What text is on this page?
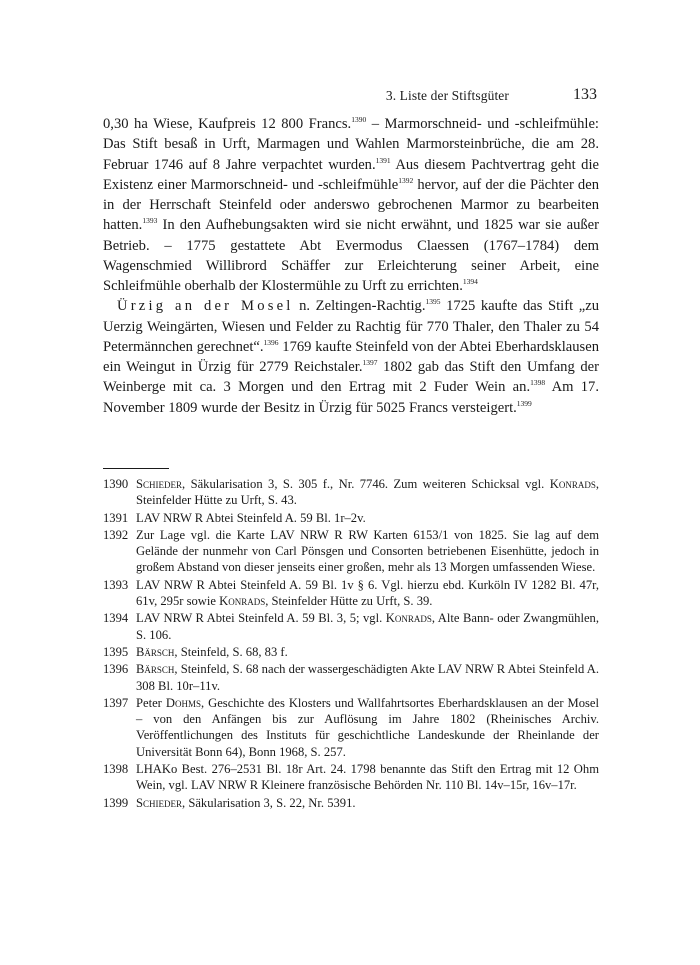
3. Liste der Stiftsgüter	133

0,30 ha Wiese, Kaufpreis 12 800 Francs.$^{1390}$ – Marmorschneid- und -schleifmühle: Das Stift besaß in Urft, Marmagen und Wahlen Marmorsteinbrüche, die am 28. Februar 1746 auf 8 Jahre verpachtet wurden.$^{1391}$ Aus diesem Pachtvertrag geht die Existenz einer Marmorschneid- und -schleifmühle$^{1392}$ hervor, auf der die Pächter den in der Herrschaft Steinfeld oder anderswo gebrochenen Marmor zu bearbeiten hatten.$^{1393}$ In den Aufhebungsakten wird sie nicht erwähnt, und 1825 war sie außer Betrieb. – 1775 gestattete Abt Evermodus Claessen (1767–1784) dem Wagenschmied Willibrord Schäffer zur Erleichterung seiner Arbeit, eine Schleifmühle oberhalb der Klostermühle zu Urft zu errichten.$^{1394}$

Ürzig an der Mosel n. Zeltingen-Rachtig.$^{1395}$ 1725 kaufte das Stift „zu Uerzig Weingärten, Wiesen und Felder zu Rachtig für 770 Thaler, den Thaler zu 54 Petermännchen gerechnet“.$^{1396}$ 1769 kaufte Steinfeld von der Abtei Eberhardsklausen ein Weingut in Ürzig für 2779 Reichstaler.$^{1397}$ 1802 gab das Stift den Umfang der Weinberge mit ca. 3 Morgen und den Ertrag mit 2 Fuder Wein an.$^{1398}$ Am 17. November 1809 wurde der Besitz in Ürzig für 5025 Francs versteigert.$^{1399}$

1390 Schieder, Säkularisation 3, S. 305 f., Nr. 7746. Zum weiteren Schicksal vgl. Konrads, Steinfelder Hütte zu Urft, S. 43.
1391 LAV NRW R Abtei Steinfeld A. 59 Bl. 1r–2v.
1392 Zur Lage vgl. die Karte LAV NRW R RW Karten 6153/1 von 1825. Sie lag auf dem Gelände der nunmehr von Carl Pönsgen und Consorten betriebenen Eisenhütte, jedoch in großem Abstand von dieser jenseits einer großen, mehr als 13 Morgen umfassenden Wiese.
1393 LAV NRW R Abtei Steinfeld A. 59 Bl. 1v § 6. Vgl. hierzu ebd. Kurköln IV 1282 Bl. 47r, 61v, 295r sowie Konrads, Steinfelder Hütte zu Urft, S. 39.
1394 LAV NRW R Abtei Steinfeld A. 59 Bl. 3, 5; vgl. Konrads, Alte Bann- oder Zwangmühlen, S. 106.
1395 Bärsch, Steinfeld, S. 68, 83 f.
1396 Bärsch, Steinfeld, S. 68 nach der wassergeschädigten Akte LAV NRW R Abtei Steinfeld A. 308 Bl. 10r–11v.
1397 Peter Dohms, Geschichte des Klosters und Wallfahrtsortes Eberhardsklausen an der Mosel – von den Anfängen bis zur Auflösung im Jahre 1802 (Rheinisches Archiv. Veröffentlichungen des Instituts für geschichtliche Landeskunde der Rheinlande der Universität Bonn 64), Bonn 1968, S. 257.
1398 LHAKo Best. 276–2531 Bl. 18r Art. 24. 1798 benannte das Stift den Ertrag mit 12 Ohm Wein, vgl. LAV NRW R Kleinere französische Behörden Nr. 110 Bl. 14v–15r, 16v–17r.
1399 Schieder, Säkularisation 3, S. 22, Nr. 5391.
